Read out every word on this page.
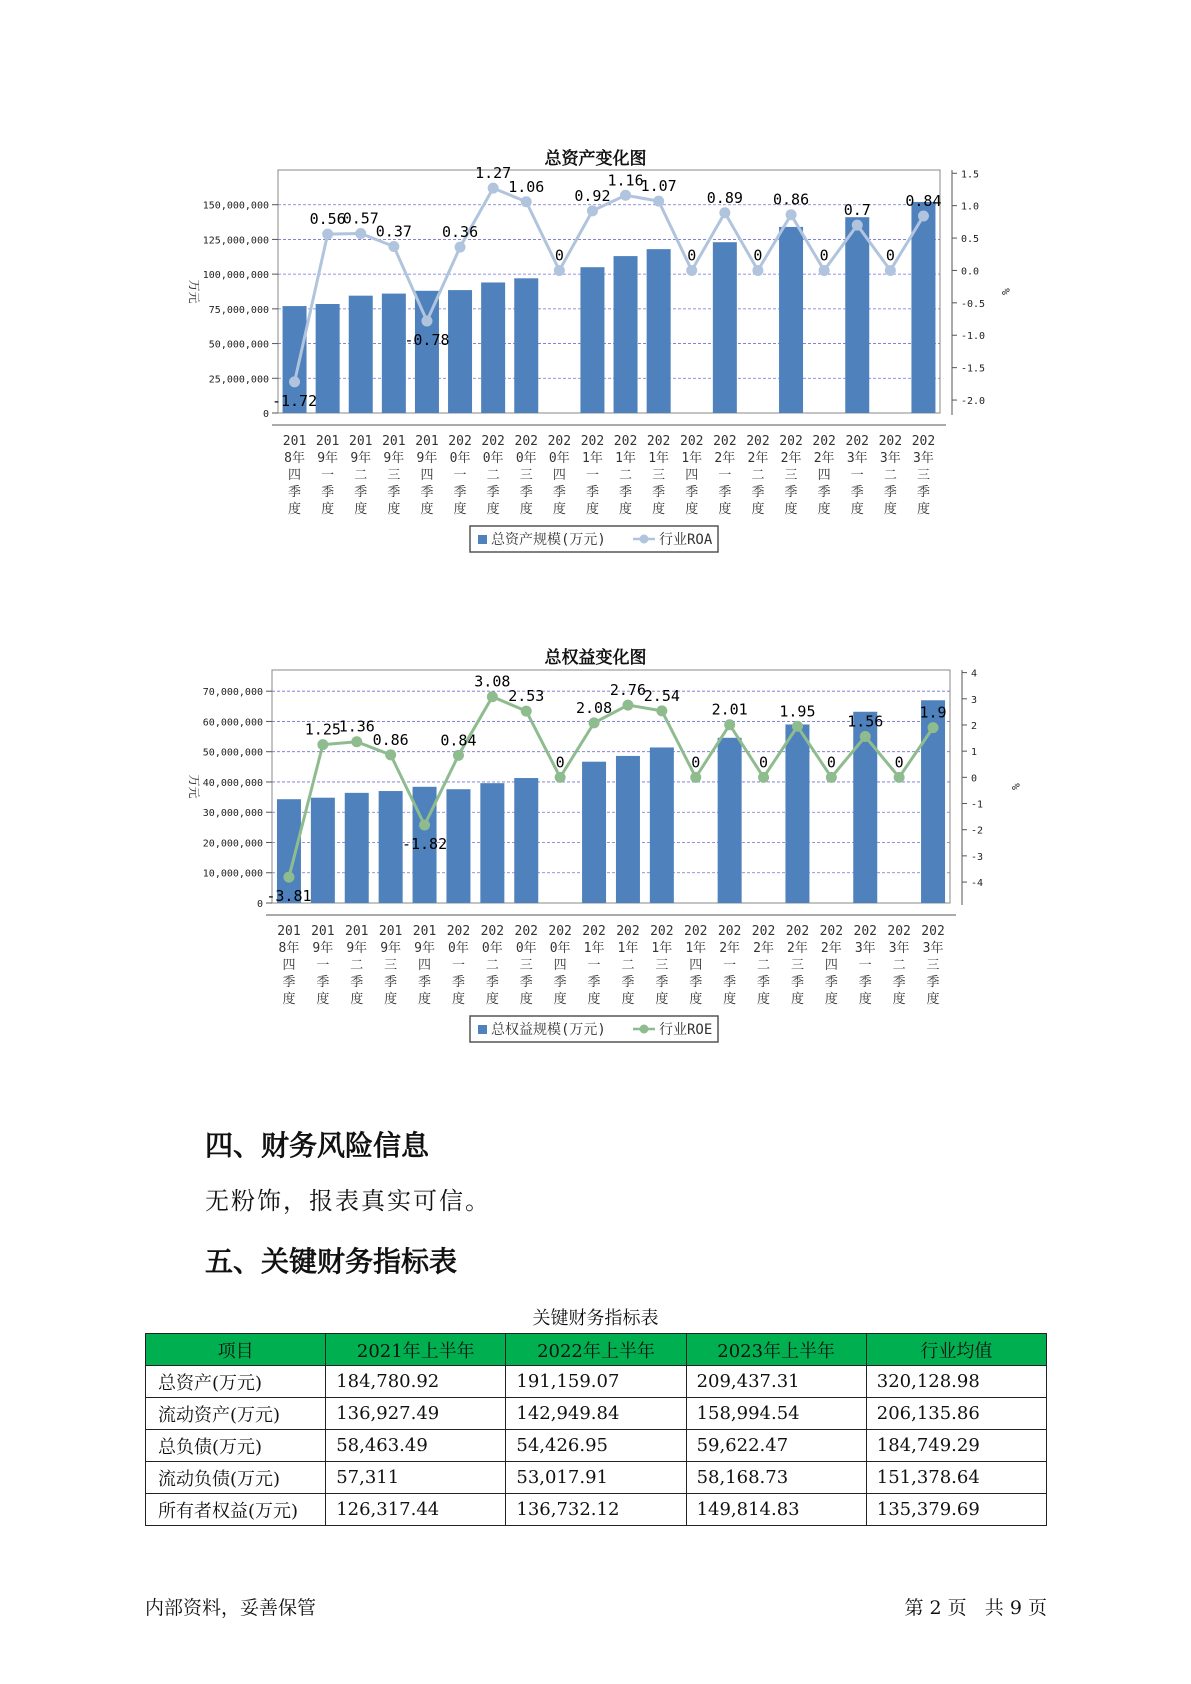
总资产变化图
0
25,000,000
50,000,000
75,000,000
100,000,000
125,000,000
150,000,000
-2.0
-1.5
-1.0
-0.5
0.0
0.5
1.0
1.5
万元	%
201
8年
四
季
度
201
9年
一
季
度
201
9年
二
季
度
201
9年
三
季
度
201
9年
四
季
度
202
0年
一
季
度
202
0年
二
季
度
202
0年
三
季
度
202
0年
四
季
度
202
1年
一
季
度
202
1年
二
季
度
202
1年
三
季
度
202
1年
四
季
度
202
2年
一
季
度
202
2年
二
季
度
202
2年
三
季
度
202
2年
四
季
度
202
3年
一
季
度
202
3年
二
季
度
202
3年
三
季
度
-1.72
0.56
0.57
0.37
-0.78
0.36
1.27
1.06
0
0.92
1.16
1.07
0
0.89
0
0.86
0
0.7
0
0.84
总资产规模(万元)	行业ROA
总权益变化图
0
10,000,000
20,000,000
30,000,000
40,000,000
50,000,000
60,000,000
70,000,000
-4
-3
-2
-1
0
1
2
3
4
万元	%
201
8年
四
季
度
201
9年
一
季
度
201
9年
二
季
度
201
9年
三
季
度
201
9年
四
季
度
202
0年
一
季
度
202
0年
二
季
度
202
0年
三
季
度
202
0年
四
季
度
202
1年
一
季
度
202
1年
二
季
度
202
1年
三
季
度
202
1年
四
季
度
202
2年
一
季
度
202
2年
二
季
度
202
2年
三
季
度
202
2年
四
季
度
202
3年
一
季
度
202
3年
二
季
度
202
3年
三
季
度
-3.81
1.25
1.36
0.86
-1.82
0.84
3.08
2.53
0
2.08
2.76
2.54
0
2.01
0
1.95
0
1.56
0
1.9
总权益规模(万元)	行业ROE
四、财务风险信息

无粉饰，报表真实可信。

五、关键财务指标表
关键财务指标表
项目	2021年上半年	2022年上半年	2023年上半年	行业均值
总资产(万元)	184,780.92	191,159.07	209,437.31	320,128.98
流动资产(万元)	136,927.49	142,949.84	158,994.54	206,135.86
总负债(万元)	58,463.49	54,426.95	59,622.47	184,749.29
流动负债(万元)	57,311	53,017.91	58,168.73	151,378.64
所有者权益(万元)	126,317.44	136,732.12	149,814.83	135,379.69
内部资料，妥善保管	第 2 页 共 9 页
